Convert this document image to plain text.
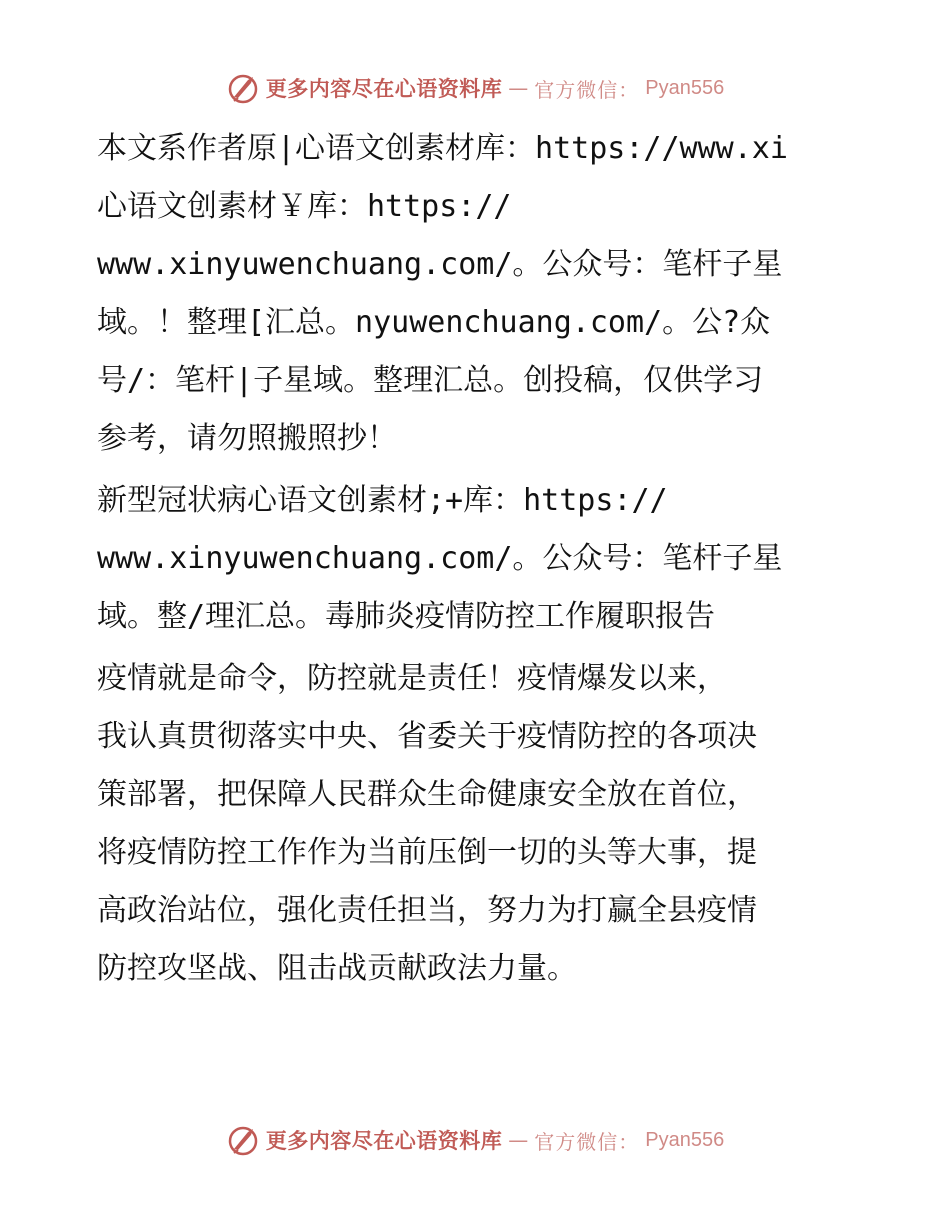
更多内容尽在心语资料库 — 官方微信： Pyan556
本文系作者原|心语文创素材库：https://www.xi
心语文创素材￥库：https://
www.xinyuwenchuang.com/。公众号：笔杆子星
域。！整理[汇总。nyuwenchuang.com/。公?众
号/：笔杆|子星域。整理汇总。创投稿，仅供学习
参考，请勿照搬照抄！
新型冠状病心语文创素材;+库：https://
www.xinyuwenchuang.com/。公众号：笔杆子星
域。整/理汇总。毒肺炎疫情防控工作履职报告
疫情就是命令，防控就是责任！疫情爆发以来，
我认真贯彻落实中央、省委关于疫情防控的各项决
策部署，把保障人民群众生命健康安全放在首位，
将疫情防控工作作为当前压倒一切的头等大事，提
高政治站位，强化责任担当，努力为打赢全县疫情
防控攻坚战、阻击战贡献政法力量。
更多内容尽在心语资料库 — 官方微信： Pyan556
